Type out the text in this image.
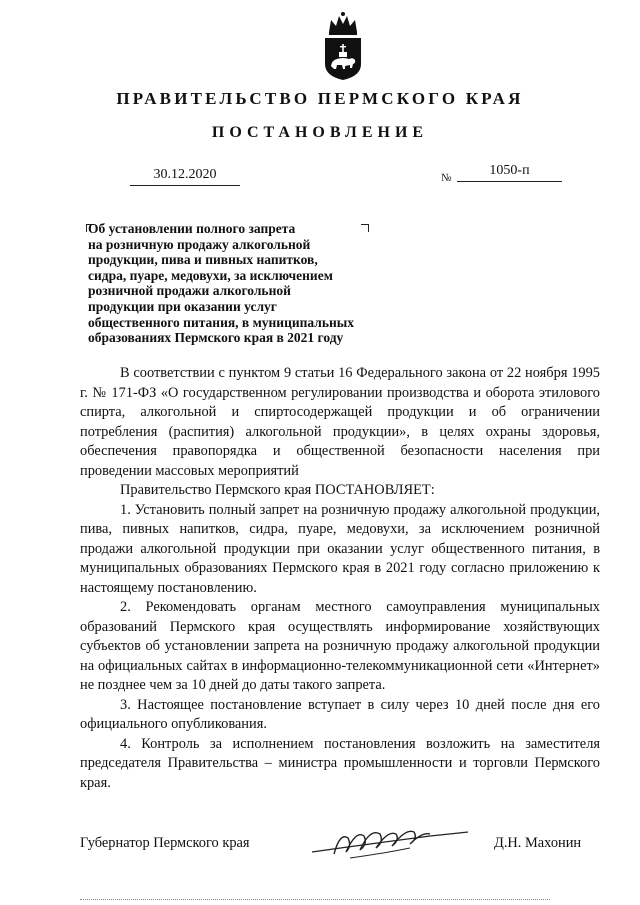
ПРАВИТЕЛЬСТВО ПЕРМСКОГО КРАЯ
ПОСТАНОВЛЕНИЕ
30.12.2020	№	1050-п
Об установлении полного запрета
на розничную продажу алкогольной
продукции, пива и пивных напитков,
сидра, пуаре, медовухи, за исключением
розничной продажи алкогольной
продукции при оказании услуг
общественного питания, в муниципальных
образованиях Пермского края в 2021 году

В соответствии с пунктом 9 статьи 16 Федерального закона от 22 ноября 1995 г. № 171-ФЗ «О государственном регулировании производства и оборота этилового спирта, алкогольной и спиртосодержащей продукции и об ограничении потребления (распития) алкогольной продукции», в целях охраны здоровья, обеспечения правопорядка и общественной безопасности населения при проведении массовых мероприятий

Правительство Пермского края ПОСТАНОВЛЯЕТ:

1. Установить полный запрет на розничную продажу алкогольной продукции, пива, пивных напитков, сидра, пуаре, медовухи, за исключением розничной продажи алкогольной продукции при оказании услуг общественного питания, в муниципальных образованиях Пермского края в 2021 году согласно приложению к настоящему постановлению.

2. Рекомендовать органам местного самоуправления муниципальных образований Пермского края осуществлять информирование хозяйствующих субъектов об установлении запрета на розничную продажу алкогольной продукции на официальных сайтах в информационно-телекоммуникационной сети «Интернет» не позднее чем за 10 дней до даты такого запрета.

3. Настоящее постановление вступает в силу через 10 дней после дня его официального опубликования.

4. Контроль за исполнением постановления возложить на заместителя председателя Правительства – министра промышленности и торговли Пермского края.

Губернатор Пермского края	Д.Н. Махонин
